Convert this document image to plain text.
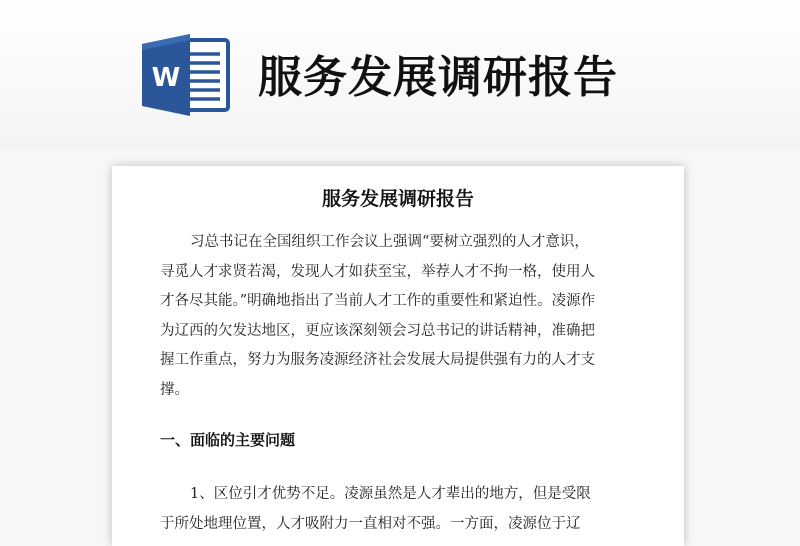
W 服务发展调研报告
服务发展调研报告
习总书记在全国组织工作会议上强调“要树立强烈的人才意识，
寻觅人才求贤若渴，发现人才如获至宝，举荐人才不拘一格，使用人
才各尽其能。”明确地指出了当前人才工作的重要性和紧迫性。凌源作
为辽西的欠发达地区，更应该深刻领会习总书记的讲话精神，准确把
握工作重点，努力为服务凌源经济社会发展大局提供强有力的人才支
撑。
一、面临的主要问题
1、区位引才优势不足。凌源虽然是人才辈出的地方，但是受限
于所处地理位置，人才吸附力一直相对不强。一方面，凌源位于辽
